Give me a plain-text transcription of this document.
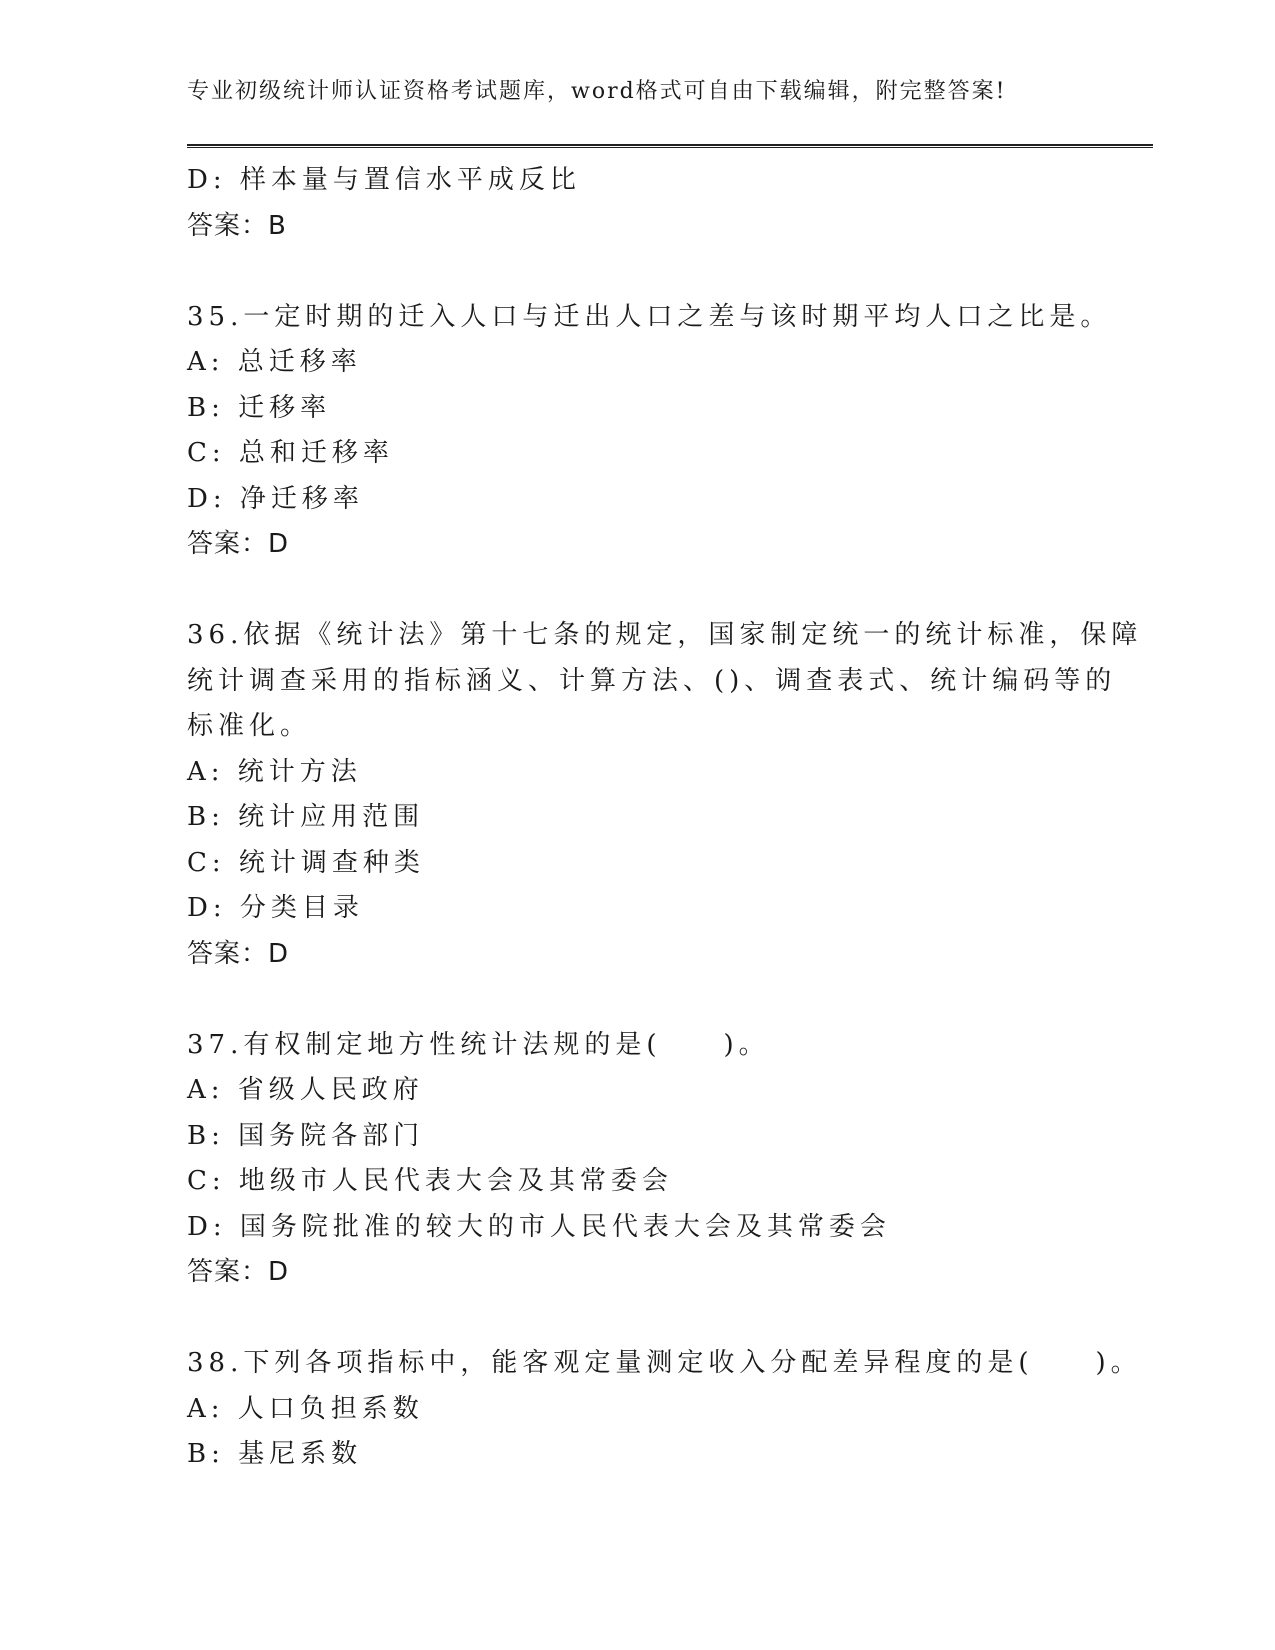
专业初级统计师认证资格考试题库，word格式可自由下载编辑，附完整答案!
D: 样本量与置信水平成反比
答案：B
35.一定时期的迁入人口与迁出人口之差与该时期平均人口之比是。
A: 总迁移率
B: 迁移率
C: 总和迁移率
D: 净迁移率
答案：D
36.依据《统计法》第十七条的规定，国家制定统一的统计标准，保障
统计调查采用的指标涵义、计算方法、()、调查表式、统计编码等的
标准化。
A: 统计方法
B: 统计应用范围
C: 统计调查种类
D: 分类目录
答案：D
37.有权制定地方性统计法规的是(　　)。
A: 省级人民政府
B: 国务院各部门
C: 地级市人民代表大会及其常委会
D: 国务院批准的较大的市人民代表大会及其常委会
答案：D
38.下列各项指标中，能客观定量测定收入分配差异程度的是(　　)。
A: 人口负担系数
B: 基尼系数
